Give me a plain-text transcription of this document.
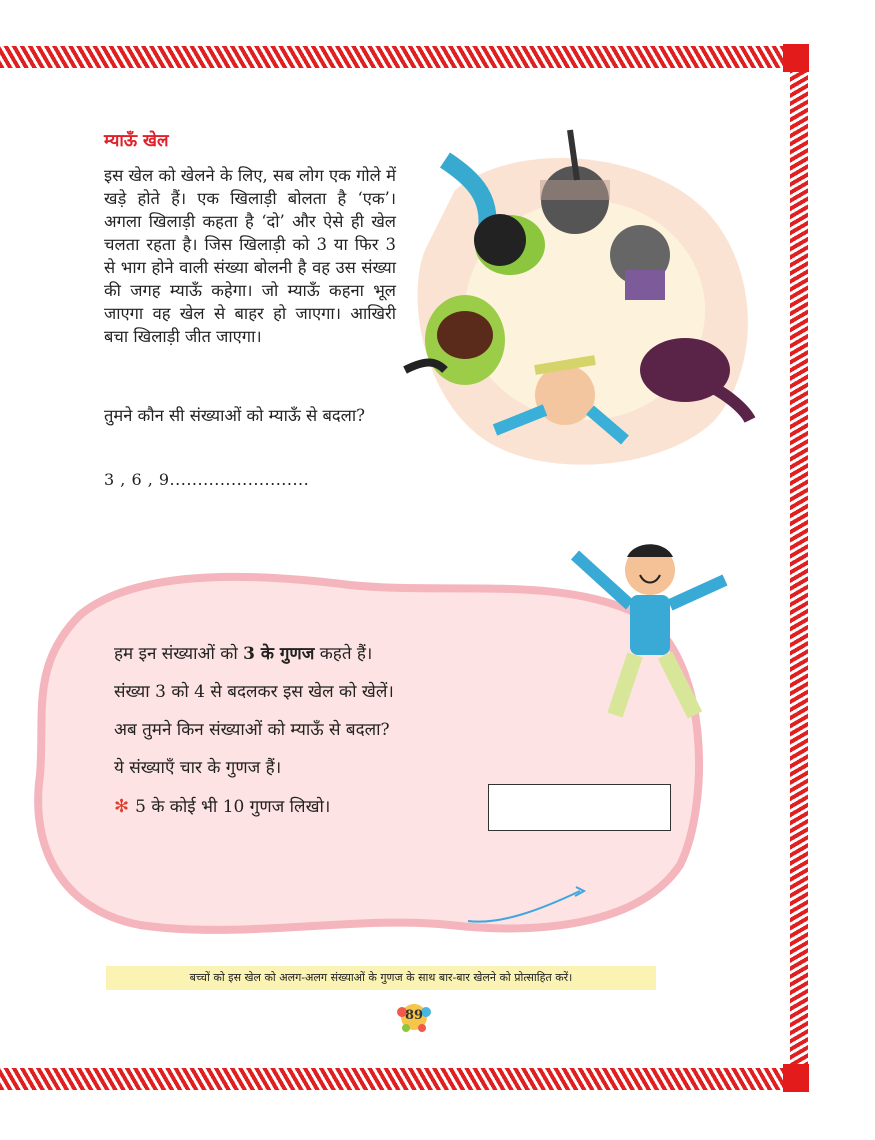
म्याऊँ खेल

इस खेल को खेलने के लिए, सब लोग एक गोले में खड़े होते हैं। एक खिलाड़ी बोलता है ‘एक’। अगला खिलाड़ी कहता है ‘दो’ और ऐसे ही खेल चलता रहता है। जिस खिलाड़ी को 3 या फिर 3 से भाग होने वाली संख्या बोलनी है वह उस संख्या की जगह म्याऊँ कहेगा। जो म्याऊँ कहना भूल जाएगा वह खेल से बाहर हो जाएगा। आखिरी बचा खिलाड़ी जीत जाएगा।

तुमने कौन सी संख्याओं को म्याऊँ से बदला?

3 , 6 , 9.........................

हम इन संख्याओं को 3 के गुणज कहते हैं।

संख्या 3 को 4 से बदलकर इस खेल को खेलें।

अब तुमने किन संख्याओं को म्याऊँ से बदला?

ये संख्याएँ चार के गुणज हैं।

✻ 5 के कोई भी 10 गुणज लिखो।

बच्चों को इस खेल को अलग-अलग संख्याओं के गुणज के साथ बार-बार खेलने को प्रोत्साहित करें।
89
